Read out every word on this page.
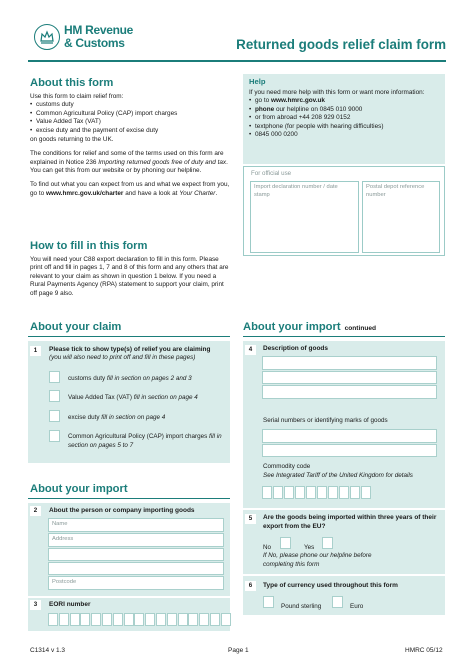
HM Revenue
& Customs	Returned goods relief claim form
About this form
Use this form to claim relief from:
• customs duty
• Common Agricultural Policy (CAP) import charges
• Value Added Tax (VAT)
• excise duty and the payment of excise duty

on goods returning to the UK.

The conditions for relief and some of the terms used on this form are explained in Notice 236 Importing returned goods free of duty and tax. You can get this from our website or by phoning our helpline.

To find out what you can expect from us and what we expect from you, go to www.hmrc.gov.uk/charter and have a look at Your Charter.

How to fill in this form
You will need your C88 export declaration to fill in this form. Please print off and fill in pages 1, 7 and 8 of this form and any others that are relevant to your claim as shown in question 1 below. If you need a Rural Payments Agency (RPA) statement to support your claim, print off page 9 also.
Help
If you need more help with this form or want more information:
• go to www.hmrc.gov.uk
• phone our helpline on 0845 010 9000
• or from abroad +44 208 929 0152
• textphone (for people with hearing difficulties)
• 0845 000 0200
For official use
Import declaration number / date stamp
Postal depot reference number
About your claim
1	Please tick to show type(s) of relief you are claiming
(you will also need to print off and fill in these pages)
customs duty fill in section on pages 2 and 3
Value Added Tax (VAT) fill in section on page 4
excise duty fill in section on page 4
Common Agricultural Policy (CAP) import charges fill in section on pages 5 to 7
About your import
2	About the person or company importing goods
Name
Address
Postcode
3	EORI number
About your import continued
4	Description of goods
Serial numbers or identifying marks of goods
Commodity code
See Integrated Tariff of the United Kingdom for details
5	Are the goods being imported within three years of their export from the EU?
No	Yes
If No, please phone our helpline before completing this form
6	Type of currency used throughout this form
Pound sterling	Euro
C1314 v 1.3	Page 1	HMRC 05/12
